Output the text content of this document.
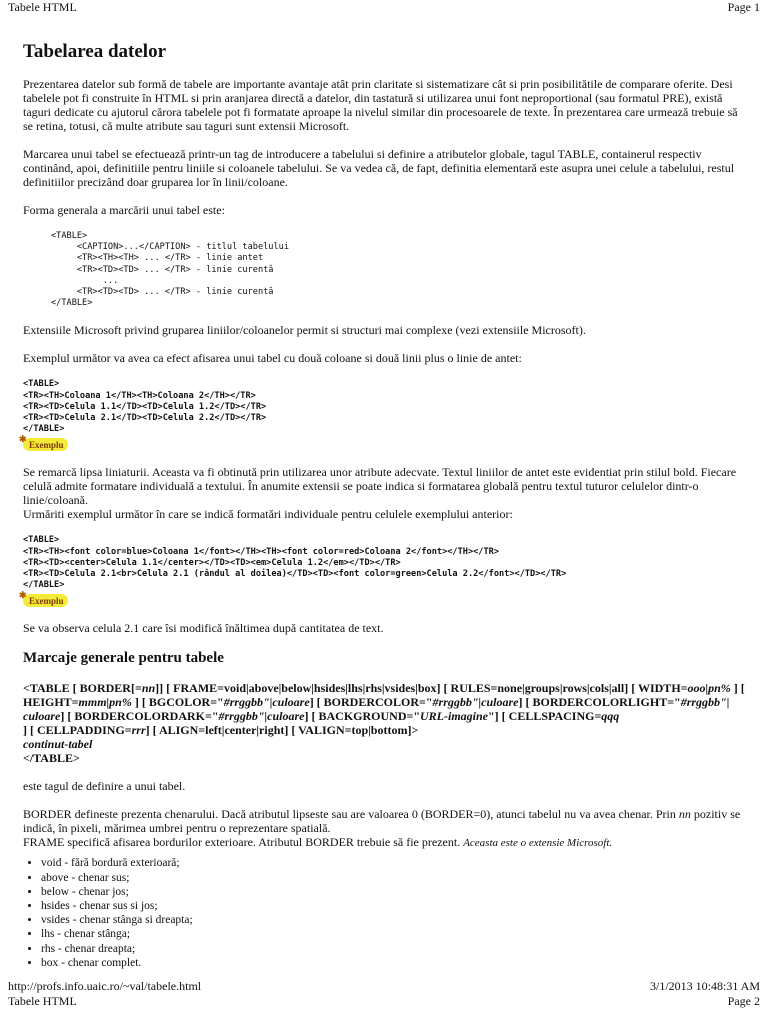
Tabele HTML	Page 1
Tabelarea datelor

Prezentarea datelor sub formă de tabele are importante avantaje atât prin claritate si sistematizare cât si prin posibilitătile de comparare oferite. Desi tabelele pot fi construite în HTML si prin aranjarea directă a datelor, din tastatură si utilizarea unui font neproportional (sau formatul PRE), există taguri dedicate cu ajutorul cărora tabelele pot fi formatate aproape la nivelul similar din procesoarele de texte. În prezentarea care urmează trebuie să se retina, totusi, că multe atribute sau taguri sunt extensii Microsoft.

Marcarea unui tabel se efectuează printr-un tag de introducere a tabelului si definire a atributelor globale, tagul TABLE, containerul respectiv continând, apoi, definitiile pentru liniile si coloanele tabelului. Se va vedea că, de fapt, definitia elementară este asupra unei celule a tabelului, restul definitiilor precizând doar gruparea lor în linii/coloane.

Forma generala a marcării unui tabel este:

<TABLE>
<CAPTION>...</CAPTION> - titlul tabelului
<TR><TH><TH> ... </TR> - linie antet
<TR><TD><TD> ... </TR> - linie curentă
...
<TR><TD><TD> ... </TR> - linie curentă
</TABLE>

Extensiile Microsoft privind gruparea liniilor/coloanelor permit si structuri mai complexe (vezi extensiile Microsoft).

Exemplul următor va avea ca efect afisarea unui tabel cu două coloane si două linii plus o linie de antet:

<TABLE>
<TR><TH>Coloana 1</TH><TH>Coloana 2</TH></TR>
<TR><TD>Celula 1.1</TD><TD>Celula 1.2</TD></TR>
<TR><TD>Celula 2.1</TD><TD>Celula 2.2</TD></TR>
</TABLE>
✱ Exemplu

Se remarcă lipsa liniaturii. Aceasta va fi obtinută prin utilizarea unor atribute adecvate. Textul liniilor de antet este evidentiat prin stilul bold. Fiecare celulă admite formatare individuală a textului. În anumite extensii se poate indica si formatarea globală pentru textul tuturor celulelor dintr-o linie/coloană.

Urmăriti exemplul următor în care se indică formatări individuale pentru celulele exemplului anterior:

<TABLE>
<TR><TH><font color=blue>Coloana 1</font></TH><TH><font color=red>Coloana 2</font></TH></TR>
<TR><TD><center>Celula 1.1</center></TD><TD><em>Celula 1.2</em></TD></TR>
<TR><TD>Celula 2.1<br>Celula 2.1 (rândul al doilea)</TD><TD><font color=green>Celula 2.2</font></TD></TR>
</TABLE>
✱ Exemplu

Se va observa celula 2.1 care îsi modifică înăltimea după cantitatea de text.

Marcaje generale pentru tabele
<TABLE [ BORDER[=nn]] [ FRAME=void|above|below|hsides|lhs|rhs|vsides|box] [ RULES=none|groups|rows|cols|all] [ WIDTH=ooo|pn% ] [ HEIGHT=mmm|pn% ] [ BGCOLOR="#rrggbb"|culoare] [ BORDERCOLOR="#rrggbb"|culoare] [ BORDERCOLORLIGHT="#rrggbb"| culoare] [ BORDERCOLORDARK="#rrggbb"|culoare] [ BACKGROUND="URL-imagine"] [ CELLSPACING=qqq
] [ CELLPADDING=rrr] [ ALIGN=left|center|right] [ VALIGN=top|bottom]>
continut-tabel
</TABLE>

este tagul de definire a unui tabel.

BORDER defineste prezenta chenarului. Dacă atributul lipseste sau are valoarea 0 (BORDER=0), atunci tabelul nu va avea chenar. Prin nn pozitiv se indică, în pixeli, mărimea umbrei pentru o reprezentare spatială.

FRAME specifică afisarea bordurilor exterioare. Atributul BORDER trebuie să fie prezent. Aceasta este o extensie Microsoft.

• void - fără bordură exterioară;
• above - chenar sus;
• below - chenar jos;
• hsides - chenar sus si jos;
• vsides - chenar stânga si dreapta;
• lhs - chenar stânga;
• rhs - chenar dreapta;
• box - chenar complet.
http://profs.info.uaic.ro/~val/tabele.html	3/1/2013 10:48:31 AM
Tabele HTML	Page 2
